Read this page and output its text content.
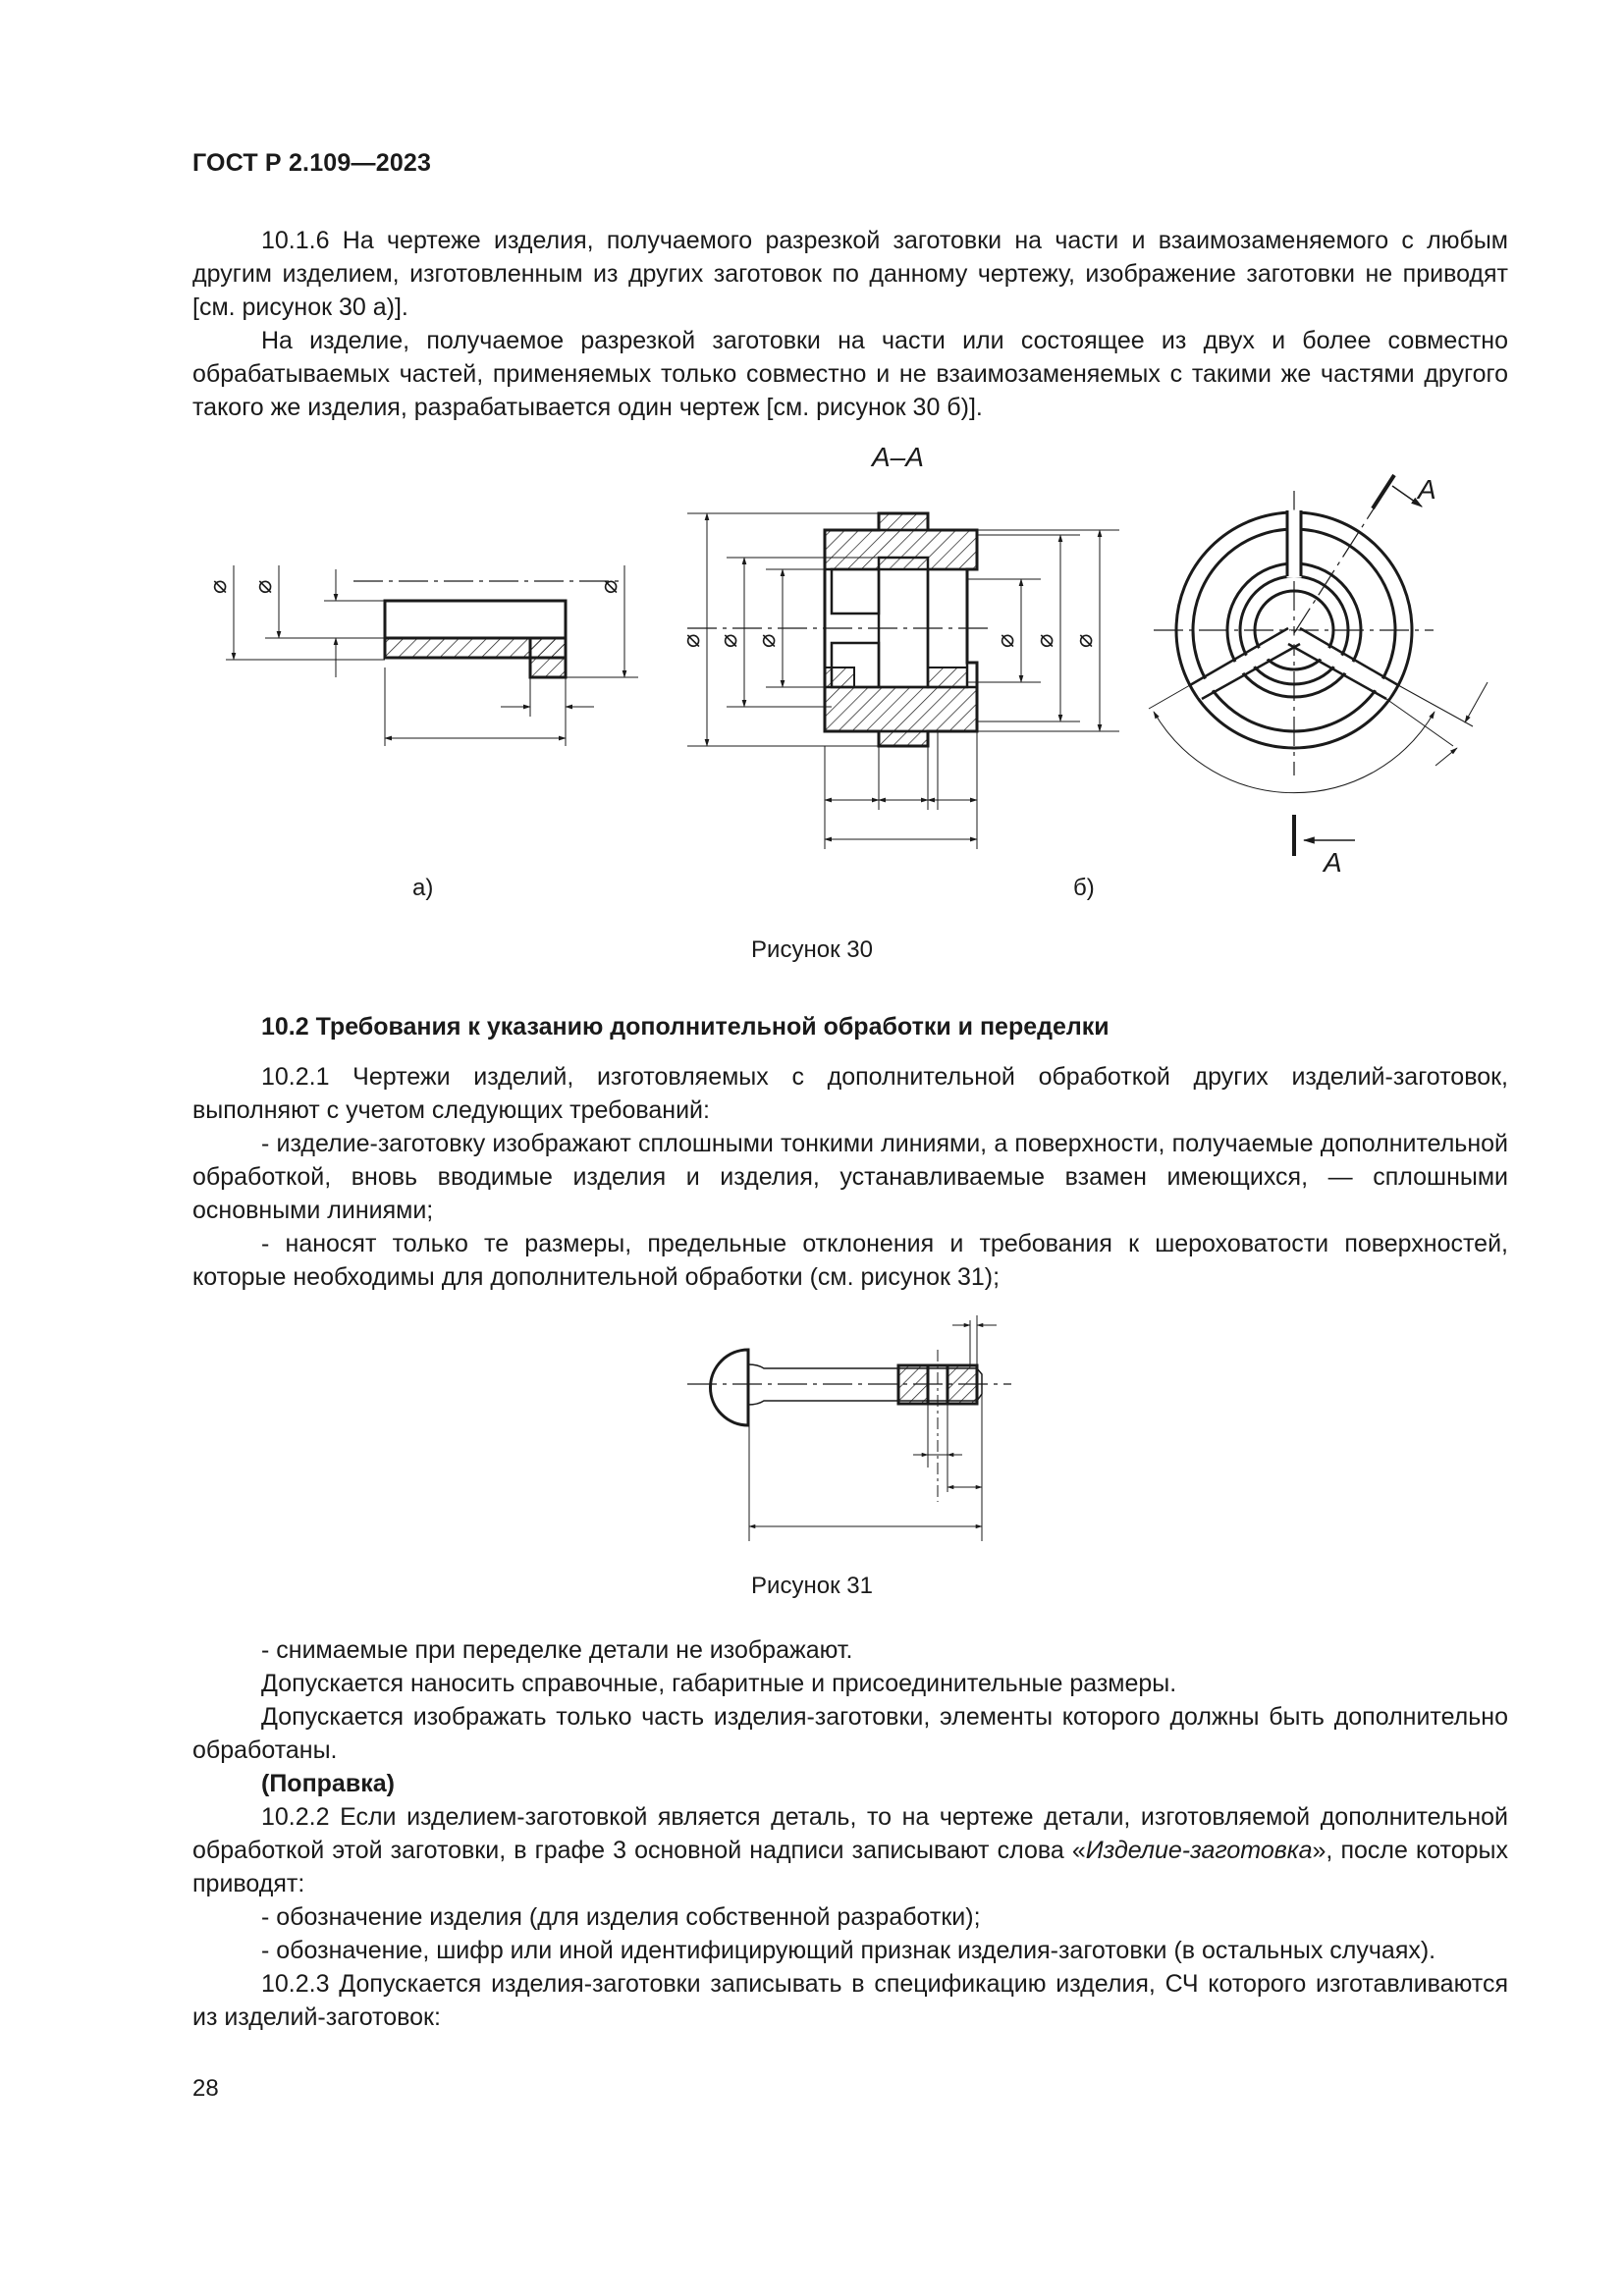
ГОСТ Р 2.109—2023

10.1.6 На чертеже изделия, получаемого разрезкой заготовки на части и взаимозаменяемого с любым другим изделием, изготовленным из других заготовок по данному чертежу, изображение заготовки не приводят [см. рисунок 30 а)].

На изделие, получаемое разрезкой заготовки на части или состоящее из двух и более совместно обрабатываемых частей, применяемых только совместно и не взаимозаменяемых с такими же частями другого такого же изделия, разрабатывается один чертеж [см. рисунок 30 б)].

⌀ ⌀	⌀
A–A
⌀ ⌀ ⌀	⌀ ⌀ ⌀
A
A
а)	б)
Рисунок 30
10.2 Требования к указанию дополнительной обработки и переделки

10.2.1 Чертежи изделий, изготовляемых с дополнительной обработкой других изделий-заготовок, выполняют с учетом следующих требований:

- изделие-заготовку изображают сплошными тонкими линиями, а поверхности, получаемые дополнительной обработкой, вновь вводимые изделия и изделия, устанавливаемые взамен имеющихся, — сплошными основными линиями;

- наносят только те размеры, предельные отклонения и требования к шероховатости поверхностей, которые необходимы для дополнительной обработки (см. рисунок 31);

Рисунок 31

- снимаемые при переделке детали не изображают.

Допускается наносить справочные, габаритные и присоединительные размеры.

Допускается изображать только часть изделия-заготовки, элементы которого должны быть дополнительно обработаны.

(Поправка)

10.2.2 Если изделием-заготовкой является деталь, то на чертеже детали, изготовляемой дополнительной обработкой этой заготовки, в графе 3 основной надписи записывают слова «Изделие-заготовка», после которых приводят:

- обозначение изделия (для изделия собственной разработки);

- обозначение, шифр или иной идентифицирующий признак изделия-заготовки (в остальных случаях).

10.2.3 Допускается изделия-заготовки записывать в спецификацию изделия, СЧ которого изготавливаются из изделий-заготовок:

28
